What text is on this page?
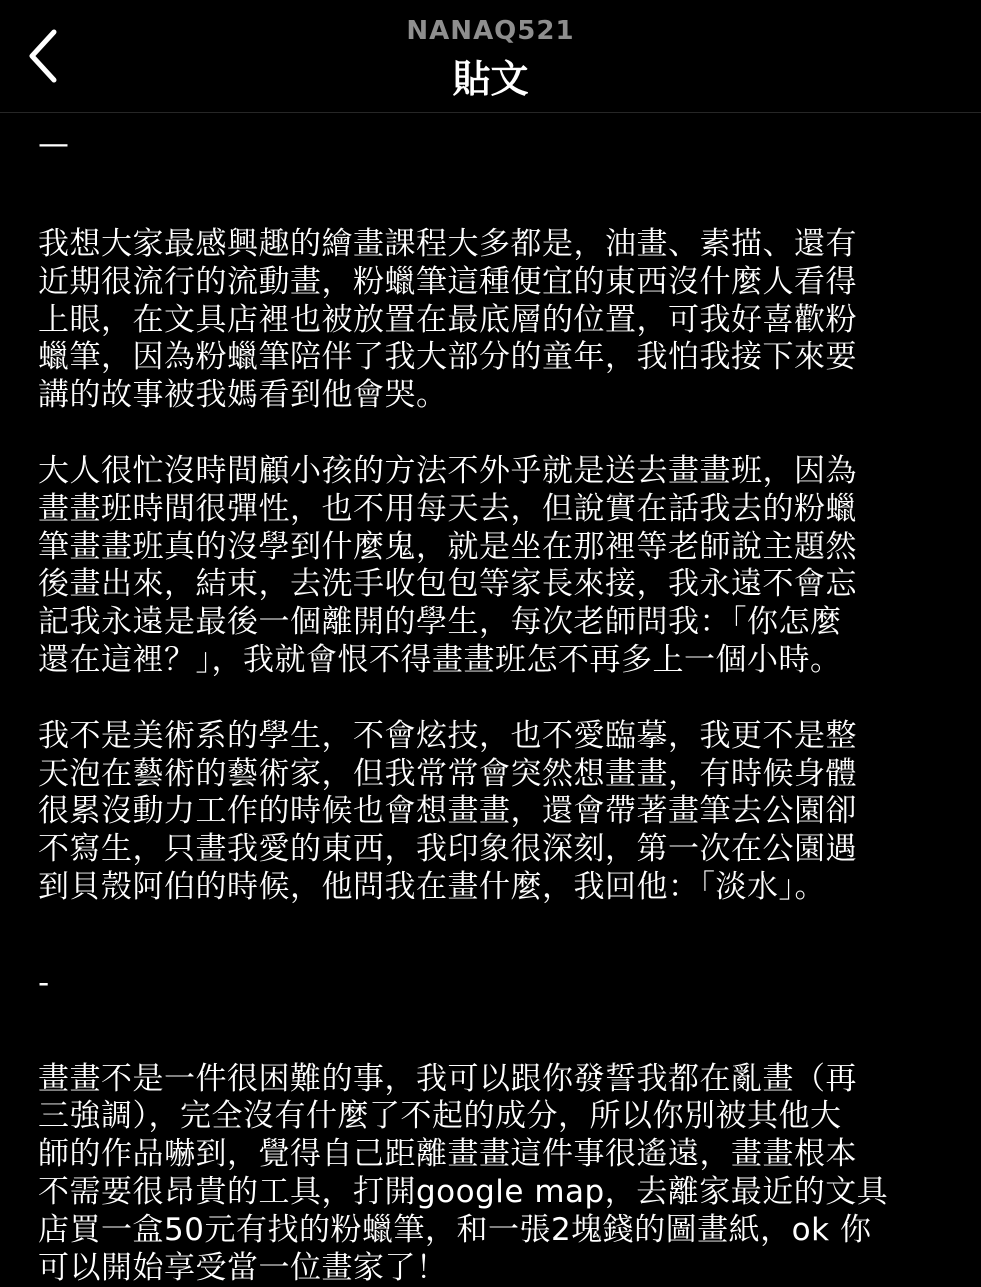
NANAQ521
貼文

—

我想大家最感興趣的繪畫課程大多都是，油畫、素描、還有
近期很流行的流動畫，粉蠟筆這種便宜的東西沒什麼人看得
上眼，在文具店裡也被放置在最底層的位置，可我好喜歡粉
蠟筆，因為粉蠟筆陪伴了我大部分的童年，我怕我接下來要
講的故事被我媽看到他會哭。

大人很忙沒時間顧小孩的方法不外乎就是送去畫畫班，因為
畫畫班時間很彈性，也不用每天去，但說實在話我去的粉蠟
筆畫畫班真的沒學到什麼鬼，就是坐在那裡等老師說主題然
後畫出來，結束，去洗手收包包等家長來接，我永遠不會忘
記我永遠是最後一個離開的學生，每次老師問我：「你怎麼
還在這裡？」，我就會恨不得畫畫班怎不再多上一個小時。

我不是美術系的學生，不會炫技，也不愛臨摹，我更不是整
天泡在藝術的藝術家，但我常常會突然想畫畫，有時候身體
很累沒動力工作的時候也會想畫畫，還會帶著畫筆去公園卻
不寫生，只畫我愛的東西，我印象很深刻，第一次在公園遇
到貝殼阿伯的時候，他問我在畫什麼，我回他：「淡水」。

-

畫畫不是一件很困難的事，我可以跟你發誓我都在亂畫（再
三強調），完全沒有什麼了不起的成分，所以你別被其他大
師的作品嚇到，覺得自己距離畫畫這件事很遙遠，畫畫根本
不需要很昂貴的工具，打開google map，去離家最近的文具
店買一盒50元有找的粉蠟筆，和一張2塊錢的圖畫紙，ok 你
可以開始享受當一位畫家了！
